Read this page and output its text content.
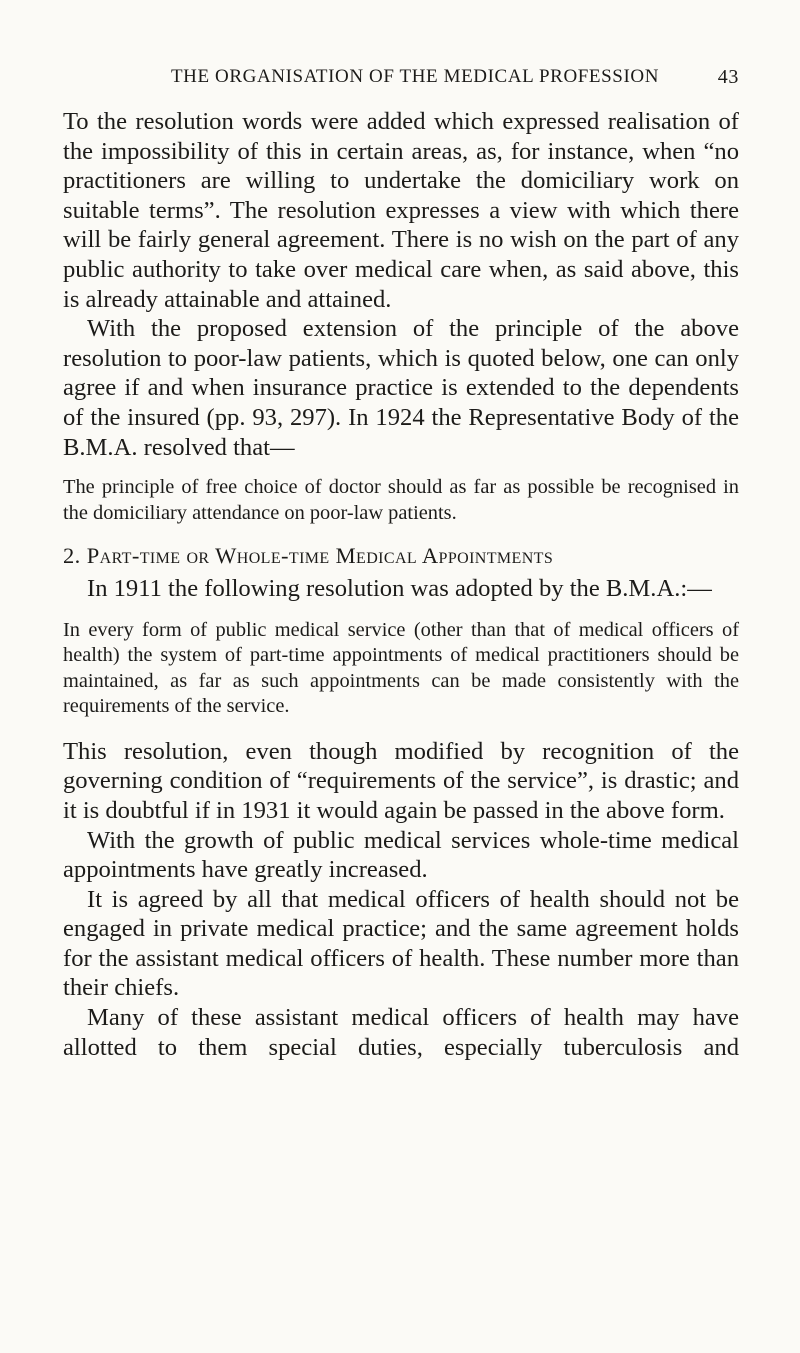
THE ORGANISATION OF THE MEDICAL PROFESSION	43

To the resolution words were added which expressed realisation of the impossibility of this in certain areas, as, for instance, when “no practitioners are willing to undertake the domiciliary work on suitable terms”. The resolution expresses a view with which there will be fairly general agreement. There is no wish on the part of any public authority to take over medical care when, as said above, this is already attainable and attained.

With the proposed extension of the principle of the above resolution to poor-law patients, which is quoted below, one can only agree if and when insurance practice is extended to the dependents of the insured (pp. 93, 297). In 1924 the Representative Body of the B.M.A. resolved that—

The principle of free choice of doctor should as far as possible be recognised in the domiciliary attendance on poor-law patients.

2. Part-time or Whole-time Medical Appointments

In 1911 the following resolution was adopted by the B.M.A.:—

In every form of public medical service (other than that of medical officers of health) the system of part-time appointments of medical practitioners should be maintained, as far as such appointments can be made consistently with the requirements of the service.

This resolution, even though modified by recognition of the governing condition of “requirements of the service”, is drastic; and it is doubtful if in 1931 it would again be passed in the above form.

With the growth of public medical services whole-time medical appointments have greatly increased.

It is agreed by all that medical officers of health should not be engaged in private medical practice; and the same agreement holds for the assistant medical officers of health. These number more than their chiefs.

Many of these assistant medical officers of health may have allotted to them special duties, especially tuberculosis and
